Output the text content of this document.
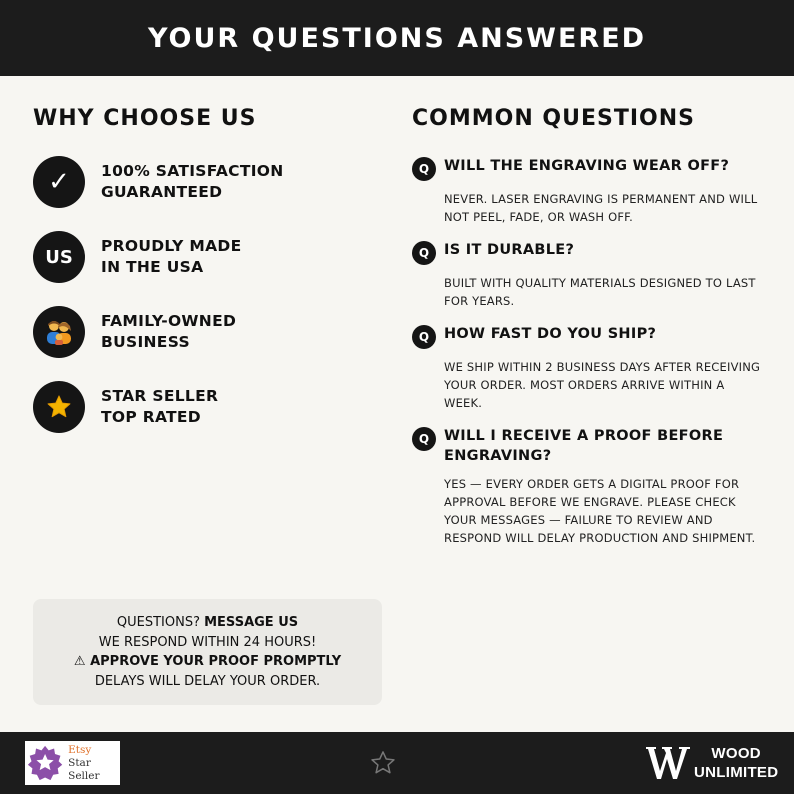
YOUR QUESTIONS ANSWERED
WHY CHOOSE US	COMMON QUESTIONS
✓ 100% SATISFACTION
GUARANTEED
US
PROUDLY MADE
IN THE USA
FAMILY-OWNED
BUSINESS
STAR SELLER
TOP RATED
Q	WILL THE ENGRAVING WEAR OFF?
NEVER. LASER ENGRAVING IS PERMANENT AND WILL NOT PEEL, FADE, OR WASH OFF.
Q	IS IT DURABLE?
BUILT WITH QUALITY MATERIALS DESIGNED TO LAST FOR YEARS.
Q	HOW FAST DO YOU SHIP?
WE SHIP WITHIN 2 BUSINESS DAYS AFTER RECEIVING YOUR ORDER. MOST ORDERS ARRIVE WITHIN A WEEK.
Q	WILL I RECEIVE A PROOF BEFORE ENGRAVING?
YES — EVERY ORDER GETS A DIGITAL PROOF FOR APPROVAL BEFORE WE ENGRAVE. PLEASE CHECK YOUR MESSAGES — FAILURE TO REVIEW AND RESPOND WILL DELAY PRODUCTION AND SHIPMENT.
QUESTIONS? MESSAGE US
WE RESPOND WITHIN 24 HOURS!
⚠ APPROVE YOUR PROOF PROMPTLY
DELAYS WILL DELAY YOUR ORDER.
Etsy
Star Seller
WOOD
UNLIMITED
